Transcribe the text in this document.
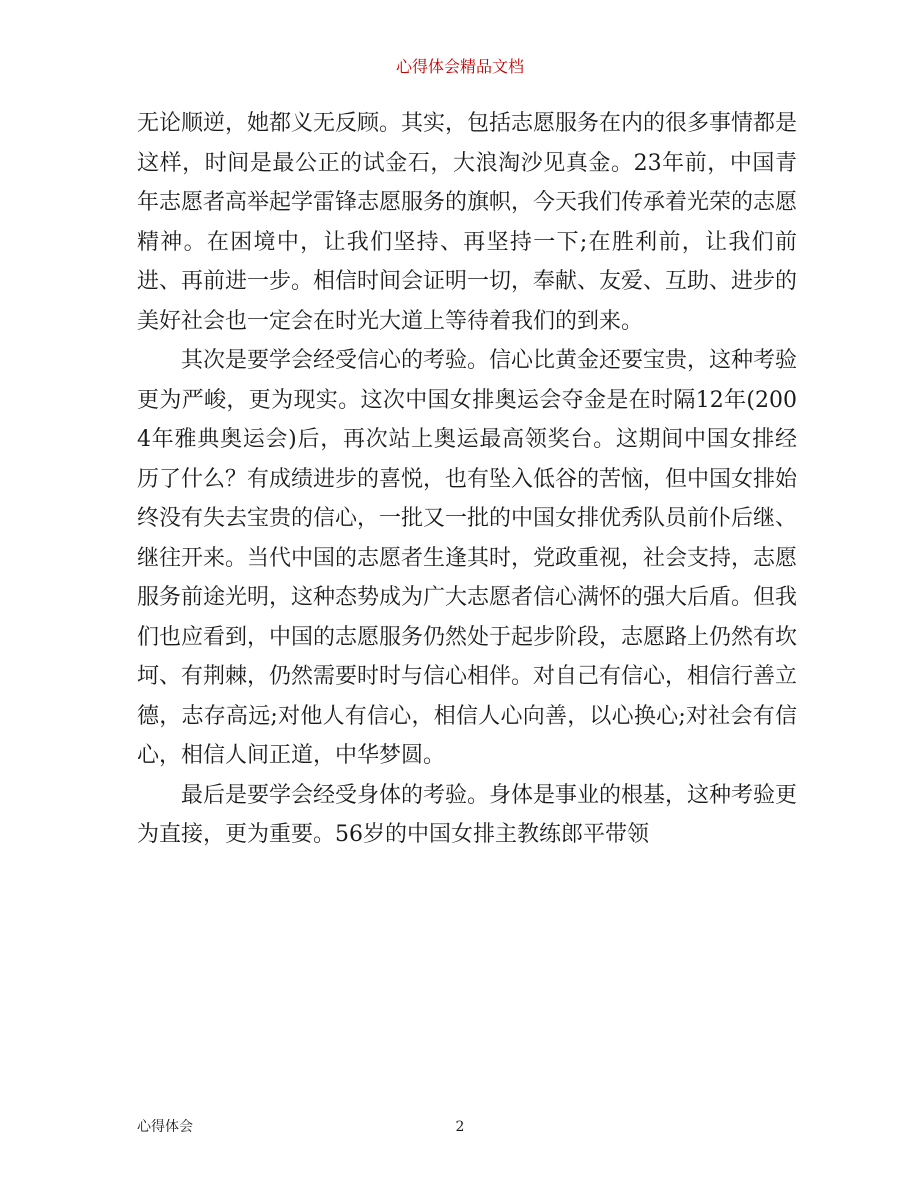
心得体会精品文档

无论顺逆，她都义无反顾。其实，包括志愿服务在内的很多事情都是这样，时间是最公正的试金石，大浪淘沙见真金。23年前，中国青年志愿者高举起学雷锋志愿服务的旗帜，今天我们传承着光荣的志愿精神。在困境中，让我们坚持、再坚持一下;在胜利前，让我们前进、再前进一步。相信时间会证明一切，奉献、友爱、互助、进步的美好社会也一定会在时光大道上等待着我们的到来。

其次是要学会经受信心的考验。信心比黄金还要宝贵，这种考验更为严峻，更为现实。这次中国女排奥运会夺金是在时隔12年(2004年雅典奥运会)后，再次站上奥运最高领奖台。这期间中国女排经历了什么？有成绩进步的喜悦，也有坠入低谷的苦恼，但中国女排始终没有失去宝贵的信心，一批又一批的中国女排优秀队员前仆后继、继往开来。当代中国的志愿者生逢其时，党政重视，社会支持，志愿服务前途光明，这种态势成为广大志愿者信心满怀的强大后盾。但我们也应看到，中国的志愿服务仍然处于起步阶段，志愿路上仍然有坎坷、有荆棘，仍然需要时时与信心相伴。对自己有信心，相信行善立德，志存高远;对他人有信心，相信人心向善，以心换心;对社会有信心，相信人间正道，中华梦圆。

最后是要学会经受身体的考验。身体是事业的根基，这种考验更为直接，更为重要。56岁的中国女排主教练郎平带领

心得体会	2
